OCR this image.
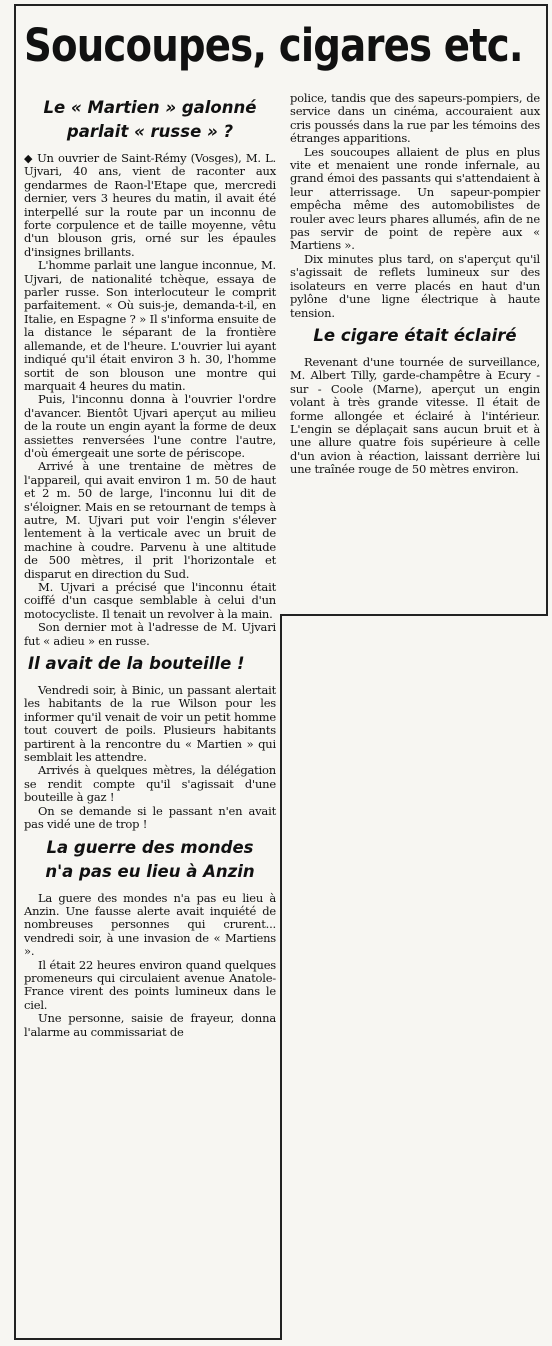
Soucoupes, cigares etc.
Le « Martien » galonné
parlait « russe » ?

◆ Un ouvrier de Saint-Rémy (Vosges), M. L. Ujvari, 40 ans, vient de raconter aux gendarmes de Raon-l'Etape que, mercredi dernier, vers 3 heures du matin, il avait été interpellé sur la route par un inconnu de forte corpulence et de taille moyenne, vêtu d'un blouson gris, orné sur les épaules d'insignes brillants.

L'homme parlait une langue inconnue, M. Ujvari, de nationalité tchèque, essaya de parler russe. Son interlocuteur le comprit parfaitement. « Où suis-je, demanda-t-il, en Italie, en Espagne ? » Il s'informa ensuite de la distance le séparant de la frontière allemande, et de l'heure. L'ouvrier lui ayant indiqué qu'il était environ 3 h. 30, l'homme sortit de son blouson une montre qui marquait 4 heures du matin.

Puis, l'inconnu donna à l'ouvrier l'ordre d'avancer. Bientôt Ujvari aperçut au milieu de la route un engin ayant la forme de deux assiettes renversées l'une contre l'autre, d'où émergeait une sorte de périscope.

Arrivé à une trentaine de mètres de l'appareil, qui avait environ 1 m. 50 de haut et 2 m. 50 de large, l'inconnu lui dit de s'éloigner. Mais en se retournant de temps à autre, M. Ujvari put voir l'engin s'élever lentement à la verticale avec un bruit de machine à coudre. Parvenu à une altitude de 500 mètres, il prit l'horizontale et disparut en direction du Sud.

M. Ujvari a précisé que l'inconnu était coiffé d'un casque semblable à celui d'un motocycliste. Il tenait un revolver à la main.

Son dernier mot à l'adresse de M. Ujvari fut « adieu » en russe.

Il avait de la bouteille !

Vendredi soir, à Binic, un passant alertait les habitants de la rue Wilson pour les informer qu'il venait de voir un petit homme tout couvert de poils. Plusieurs habitants partirent à la rencontre du « Martien » qui semblait les attendre.

Arrivés à quelques mètres, la délégation se rendit compte qu'il s'agissait d'une bouteille à gaz !

On se demande si le passant n'en avait pas vidé une de trop !

La guerre des mondes
n'a pas eu lieu à Anzin

La guere des mondes n'a pas eu lieu à Anzin. Une fausse alerte avait inquiété de nombreuses personnes qui crurent... vendredi soir, à une invasion de « Martiens ».

Il était 22 heures environ quand quelques promeneurs qui circulaient avenue Anatole-France virent des points lumineux dans le ciel.

Une personne, saisie de frayeur, donna l'alarme au commissariat de

police, tandis que des sapeurs-pompiers, de service dans un cinéma, accouraient aux cris poussés dans la rue par les témoins des étranges apparitions.

Les soucoupes allaient de plus en plus vite et menaient une ronde infernale, au grand émoi des passants qui s'attendaient à leur atterrissage. Un sapeur-pompier empêcha même des automobilistes de rouler avec leurs phares allumés, afin de ne pas servir de point de repère aux « Martiens ».

Dix minutes plus tard, on s'aperçut qu'il s'agissait de reflets lumineux sur des isolateurs en verre placés en haut d'un pylône d'une ligne électrique à haute tension.

Le cigare était éclairé

Revenant d'une tournée de surveillance, M. Albert Tilly, garde-champêtre à Ecury - sur - Coole (Marne), aperçut un engin volant à très grande vitesse. Il était de forme allongée et éclairé à l'intérieur. L'engin se déplaçait sans aucun bruit et à une allure quatre fois supérieure à celle d'un avion à réaction, laissant derrière lui une traînée rouge de 50 mètres environ.
